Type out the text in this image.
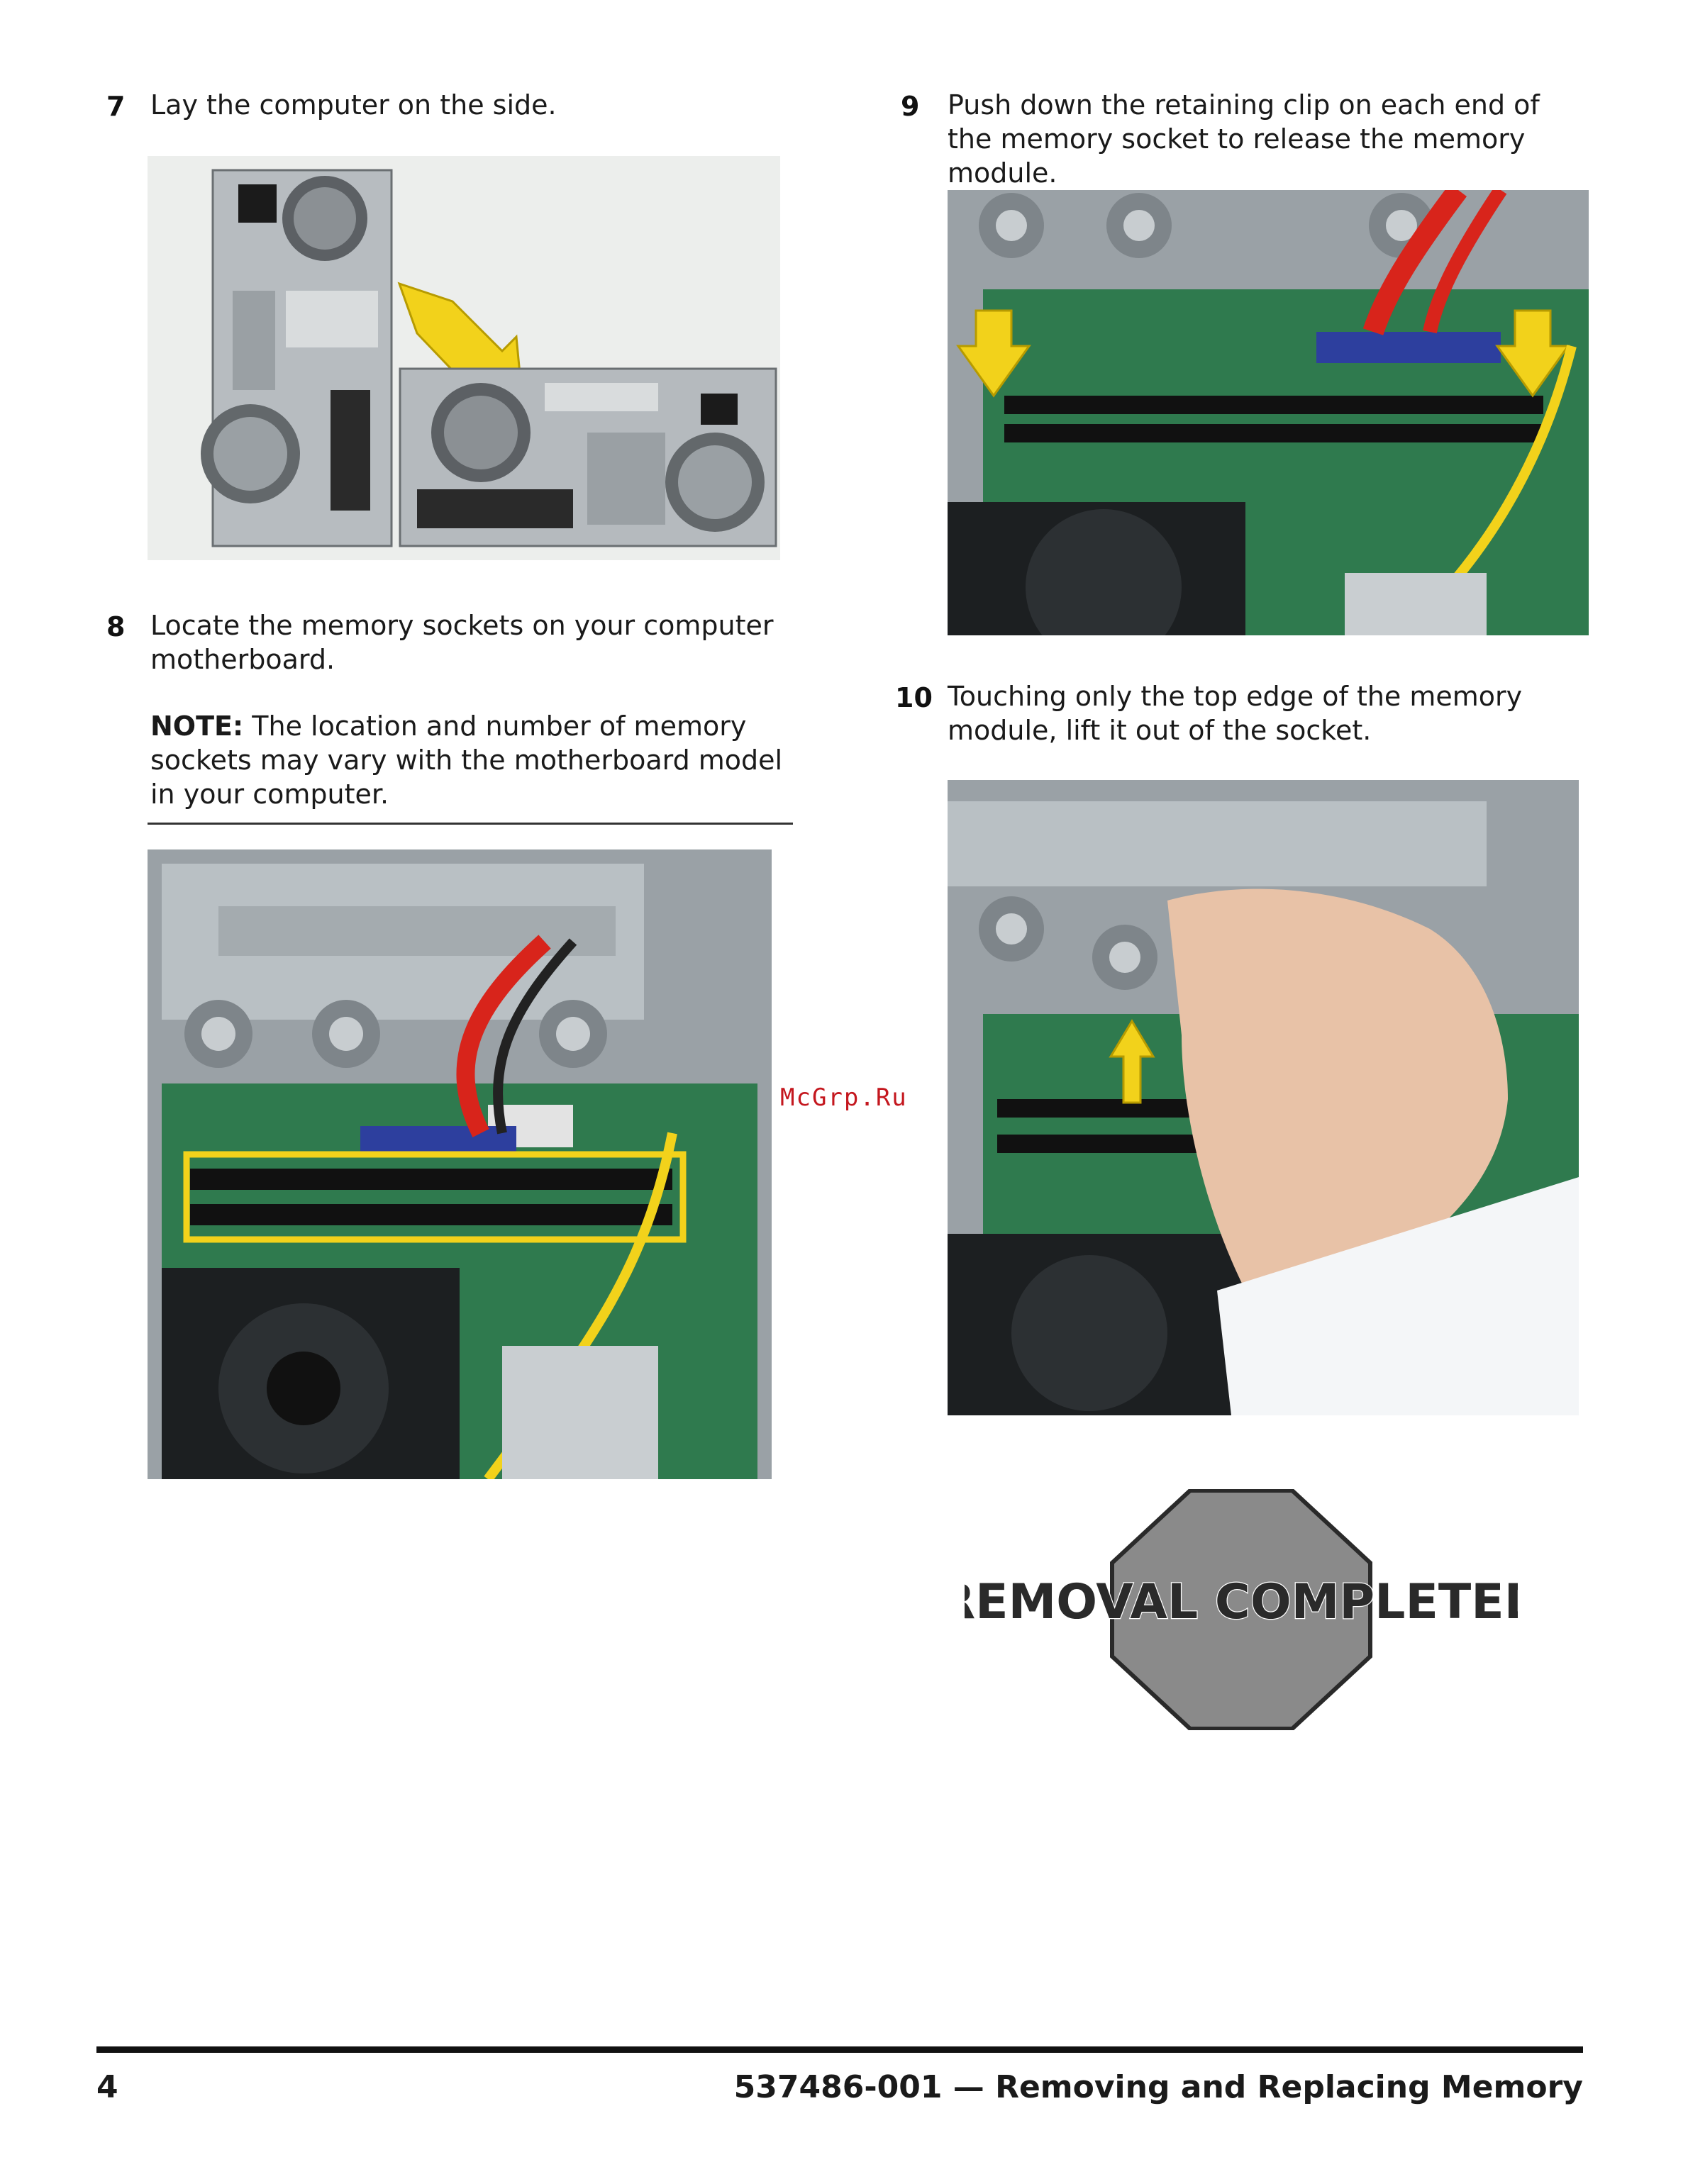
7 Lay the computer on the side.
8 Locate the memory sockets on your computer motherboard.
NOTE: The location and number of memory sockets may vary with the motherboard model in your computer.
McGrp.Ru
9 Push down the retaining clip on each end of the memory socket to release the memory module.
10 Touching only the top edge of the memory module, lift it out of the socket.
REMOVAL COMPLETED
4	537486-001 — Removing and Replacing Memory
